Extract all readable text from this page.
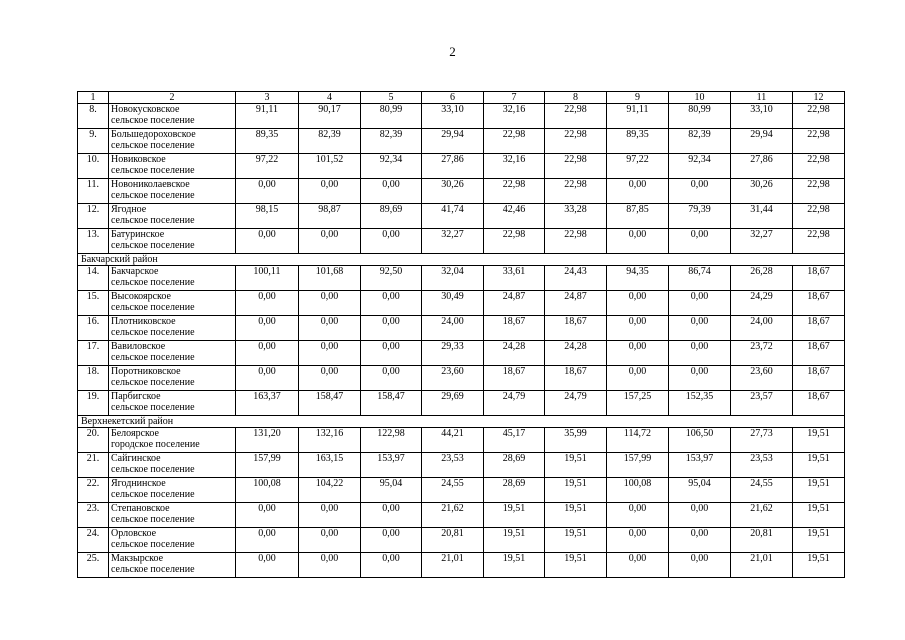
2
1	2	3	4	5	6	7	8	9	10	11	12
8.	Новокусковское
сельское поселение	91,11	90,17	80,99	33,10	32,16	22,98	91,11	80,99	33,10	22,98
9.	Большедороховское
сельское поселение	89,35	82,39	82,39	29,94	22,98	22,98	89,35	82,39	29,94	22,98
10.	Новиковское
сельское поселение	97,22	101,52	92,34	27,86	32,16	22,98	97,22	92,34	27,86	22,98
11.	Новониколаевское
сельское поселение	0,00	0,00	0,00	30,26	22,98	22,98	0,00	0,00	30,26	22,98
12.	Ягодное
сельское поселение	98,15	98,87	89,69	41,74	42,46	33,28	87,85	79,39	31,44	22,98
13.	Батуринское
сельское поселение	0,00	0,00	0,00	32,27	22,98	22,98	0,00	0,00	32,27	22,98
Бакчарский район											
14.	Бакчарское
сельское поселение	100,11	101,68	92,50	32,04	33,61	24,43	94,35	86,74	26,28	18,67
15.	Высокоярское
сельское поселение	0,00	0,00	0,00	30,49	24,87	24,87	0,00	0,00	24,29	18,67
16.	Плотниковское
сельское поселение	0,00	0,00	0,00	24,00	18,67	18,67	0,00	0,00	24,00	18,67
17.	Вавиловское
сельское поселение	0,00	0,00	0,00	29,33	24,28	24,28	0,00	0,00	23,72	18,67
18.	Поротниковское
сельское поселение	0,00	0,00	0,00	23,60	18,67	18,67	0,00	0,00	23,60	18,67
19.	Парбигское
сельское поселение	163,37	158,47	158,47	29,69	24,79	24,79	157,25	152,35	23,57	18,67
Верхнекетский район											
20.	Белоярское
городское поселение	131,20	132,16	122,98	44,21	45,17	35,99	114,72	106,50	27,73	19,51
21.	Сайгинское
сельское поселение	157,99	163,15	153,97	23,53	28,69	19,51	157,99	153,97	23,53	19,51
22.	Ягоднинское
сельское поселение	100,08	104,22	95,04	24,55	28,69	19,51	100,08	95,04	24,55	19,51
23.	Степановское
сельское поселение	0,00	0,00	0,00	21,62	19,51	19,51	0,00	0,00	21,62	19,51
24.	Орловское
сельское поселение	0,00	0,00	0,00	20,81	19,51	19,51	0,00	0,00	20,81	19,51
25.	Макзырское
сельское поселение	0,00	0,00	0,00	21,01	19,51	19,51	0,00	0,00	21,01	19,51
